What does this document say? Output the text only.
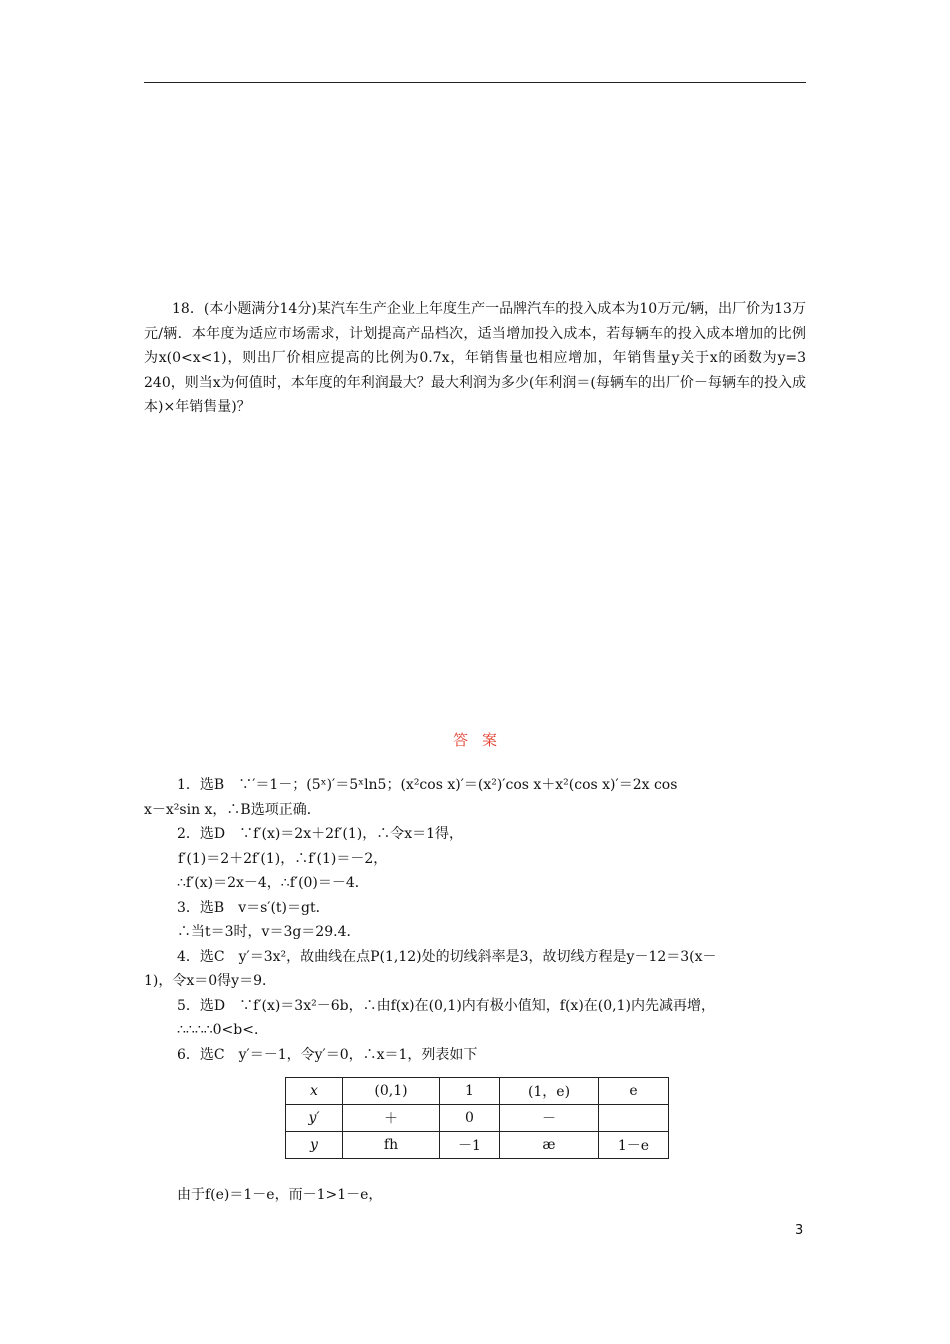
18．(本小题满分14分)某汽车生产企业上年度生产一品牌汽车的投入成本为10万元/辆，出厂价为13万元/辆．本年度为适应市场需求，计划提高产品档次，适当增加投入成本，若每辆车的投入成本增加的比例为x(0<x<1)，则出厂价相应提高的比例为0.7x，年销售量也相应增加，年销售量y关于x的函数为y=3 240，则当x为何值时，本年度的年利润最大？最大利润为多少(年利润＝(每辆车的出厂价－每辆车的投入成本)×年销售量)？

答案
1．选B　∵′＝1－；(5ˣ)′＝5ˣln5；(x²cos x)′＝(x²)′cos x＋x²(cos x)′＝2x cos
x－x²sin x，∴B选项正确．
2．选D　∵f′(x)＝2x＋2f′(1)，∴令x＝1得，
f′(1)＝2＋2f′(1)，∴f′(1)＝－2，
∴f′(x)＝2x－4，∴f′(0)＝－4．
3．选B　v＝s′(t)＝gt．
∴当t＝3时，v＝3g＝29.4．
4．选C　y′＝3x²，故曲线在点P(1,12)处的切线斜率是3，故切线方程是y－12＝3(x－
1)，令x＝0得y＝9．
5．选D　∵f′(x)＝3x²－6b，∴由f(x)在(0,1)内有极小值知，f(x)在(0,1)内先减再增，
∴∴∴∴0<b<．
6．选C　y′＝－1，令y′＝0，∴x＝1，列表如下
x	(0,1)	1	(1，e)	e
y′	＋	0	－	
y	fh	－1	æ	1－e
由于f(e)＝1－e，而－1>1－e，
3
